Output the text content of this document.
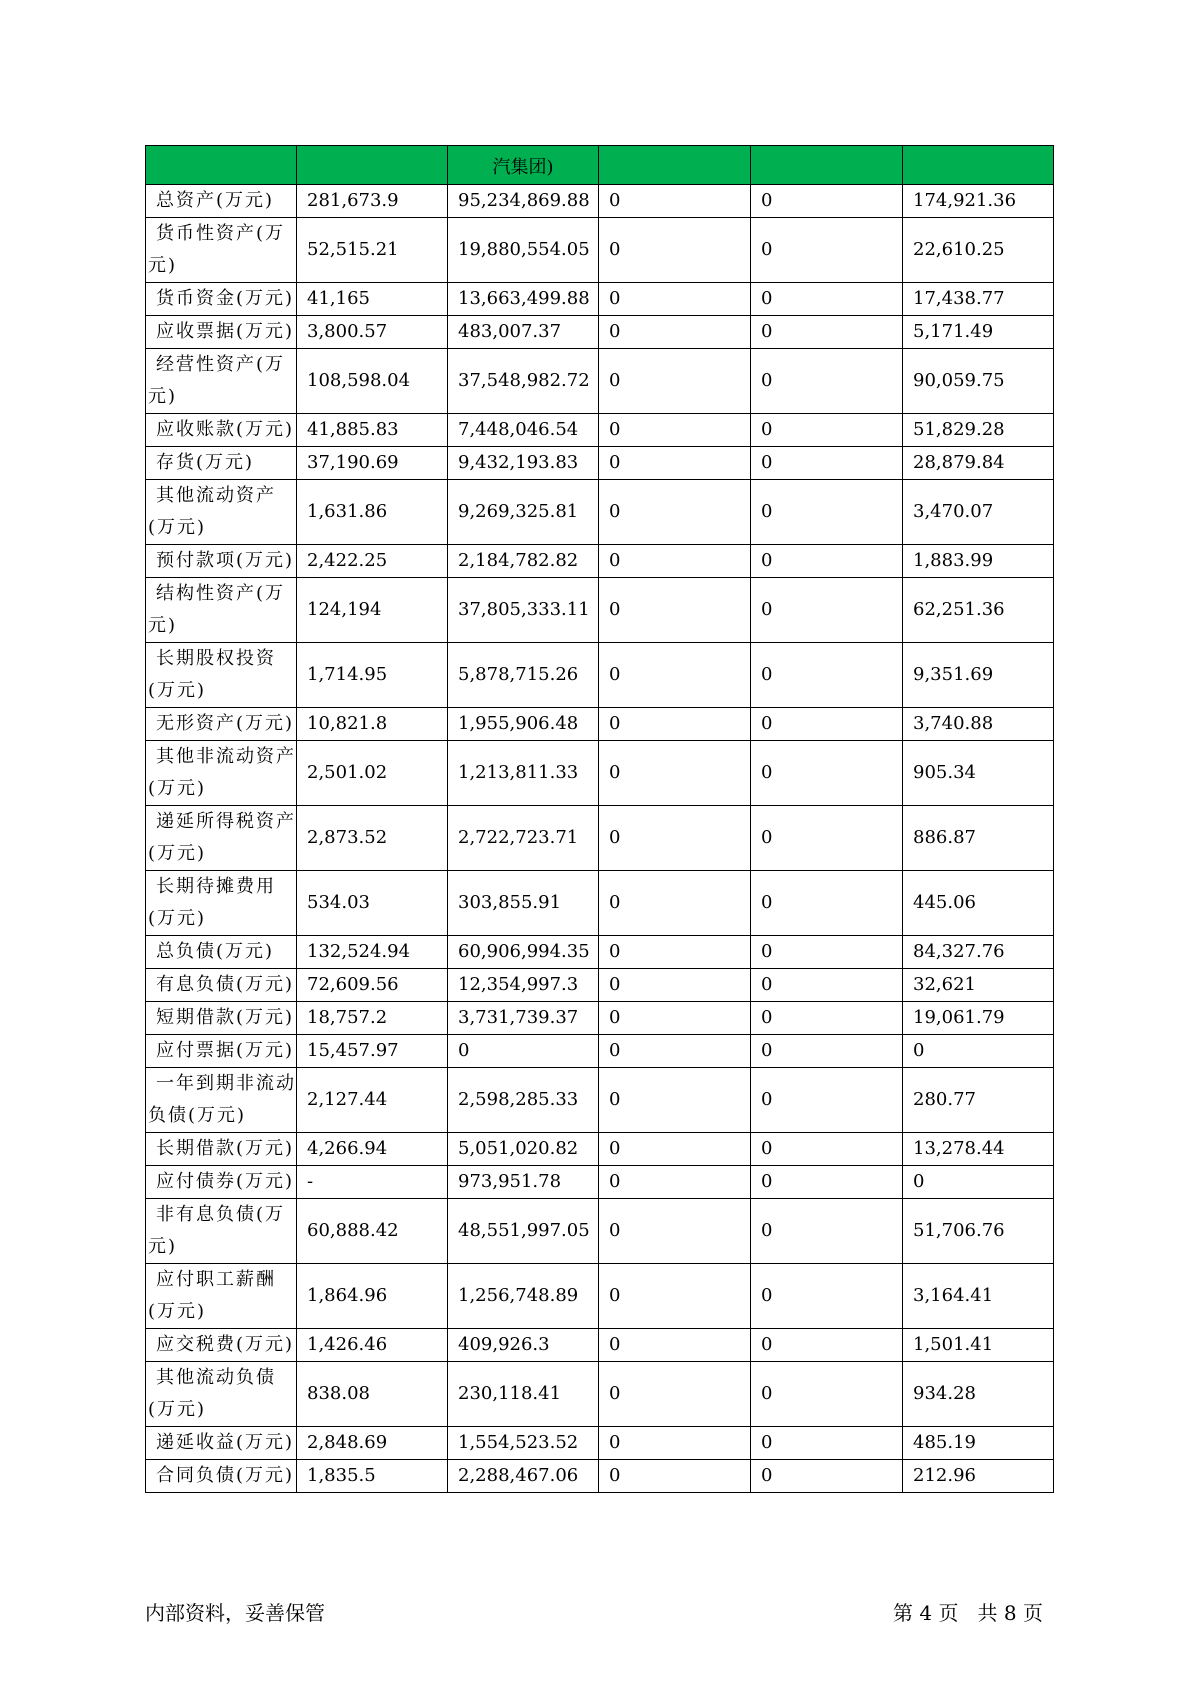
		汽集团)			
总资产(万元)	281,673.9	95,234,869.88	0	0	174,921.36
货币性资产(万元)	52,515.21	19,880,554.05	0	0	22,610.25
货币资金(万元)	41,165	13,663,499.88	0	0	17,438.77
应收票据(万元)	3,800.57	483,007.37	0	0	5,171.49
经营性资产(万元)	108,598.04	37,548,982.72	0	0	90,059.75
应收账款(万元)	41,885.83	7,448,046.54	0	0	51,829.28
存货(万元)	37,190.69	9,432,193.83	0	0	28,879.84
其他流动资产(万元)	1,631.86	9,269,325.81	0	0	3,470.07
预付款项(万元)	2,422.25	2,184,782.82	0	0	1,883.99
结构性资产(万元)	124,194	37,805,333.11	0	0	62,251.36
长期股权投资(万元)	1,714.95	5,878,715.26	0	0	9,351.69
无形资产(万元)	10,821.8	1,955,906.48	0	0	3,740.88
其他非流动资产(万元)	2,501.02	1,213,811.33	0	0	905.34
递延所得税资产(万元)	2,873.52	2,722,723.71	0	0	886.87
长期待摊费用(万元)	534.03	303,855.91	0	0	445.06
总负债(万元)	132,524.94	60,906,994.35	0	0	84,327.76
有息负债(万元)	72,609.56	12,354,997.3	0	0	32,621
短期借款(万元)	18,757.2	3,731,739.37	0	0	19,061.79
应付票据(万元)	15,457.97	0	0	0	0
一年到期非流动负债(万元)	2,127.44	2,598,285.33	0	0	280.77
长期借款(万元)	4,266.94	5,051,020.82	0	0	13,278.44
应付债券(万元)	-	973,951.78	0	0	0
非有息负债(万元)	60,888.42	48,551,997.05	0	0	51,706.76
应付职工薪酬(万元)	1,864.96	1,256,748.89	0	0	3,164.41
应交税费(万元)	1,426.46	409,926.3	0	0	1,501.41
其他流动负债(万元)	838.08	230,118.41	0	0	934.28
递延收益(万元)	2,848.69	1,554,523.52	0	0	485.19
合同负债(万元)	1,835.5	2,288,467.06	0	0	212.96
内部资料，妥善保管	第 4 页   共 8 页
